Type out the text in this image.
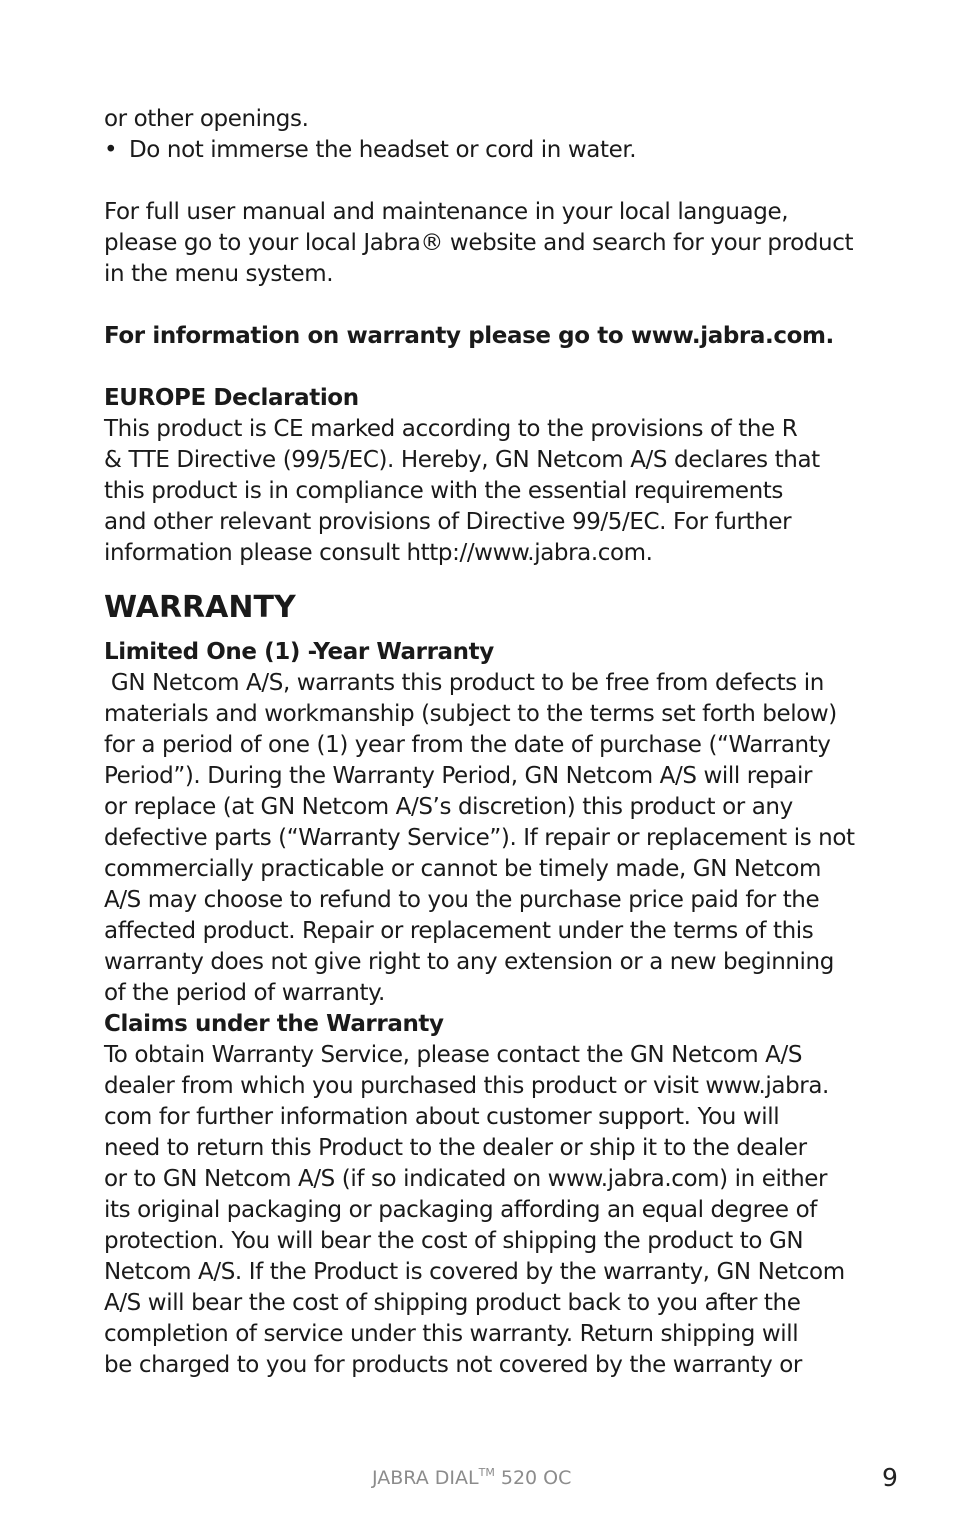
or other openings.
• Do not immerse the headset or cord in water.
For full user manual and maintenance in your local language,
please go to your local Jabra® website and search for your product
in the menu system.
For information on warranty please go to www.jabra.com.
EUROPE Declaration
This product is CE marked according to the provisions of the R
& TTE Directive (99/5/EC). Hereby, GN Netcom A/S declares that
this product is in compliance with the essential requirements
and other relevant provisions of Directive 99/5/EC. For further
information please consult http://www.jabra.com.
WARRANTY
Limited One (1) -Year Warranty
GN Netcom A/S, warrants this product to be free from defects in
materials and workmanship (subject to the terms set forth below)
for a period of one (1) year from the date of purchase (“Warranty
Period”). During the Warranty Period, GN Netcom A/S will repair
or replace (at GN Netcom A/S’s discretion) this product or any
defective parts (“Warranty Service”). If repair or replacement is not
commercially practicable or cannot be timely made, GN Netcom
A/S may choose to refund to you the purchase price paid for the
affected product. Repair or replacement under the terms of this
warranty does not give right to any extension or a new beginning
of the period of warranty.
Claims under the Warranty
To obtain Warranty Service, please contact the GN Netcom A/S
dealer from which you purchased this product or visit www.jabra.
com for further information about customer support. You will
need to return this Product to the dealer or ship it to the dealer
or to GN Netcom A/S (if so indicated on www.jabra.com) in either
its original packaging or packaging affording an equal degree of
protection. You will bear the cost of shipping the product to GN
Netcom A/S. If the Product is covered by the warranty, GN Netcom
A/S will bear the cost of shipping product back to you after the
completion of service under this warranty. Return shipping will
be charged to you for products not covered by the warranty or
JABRA DIAL™ 520 OC	9
